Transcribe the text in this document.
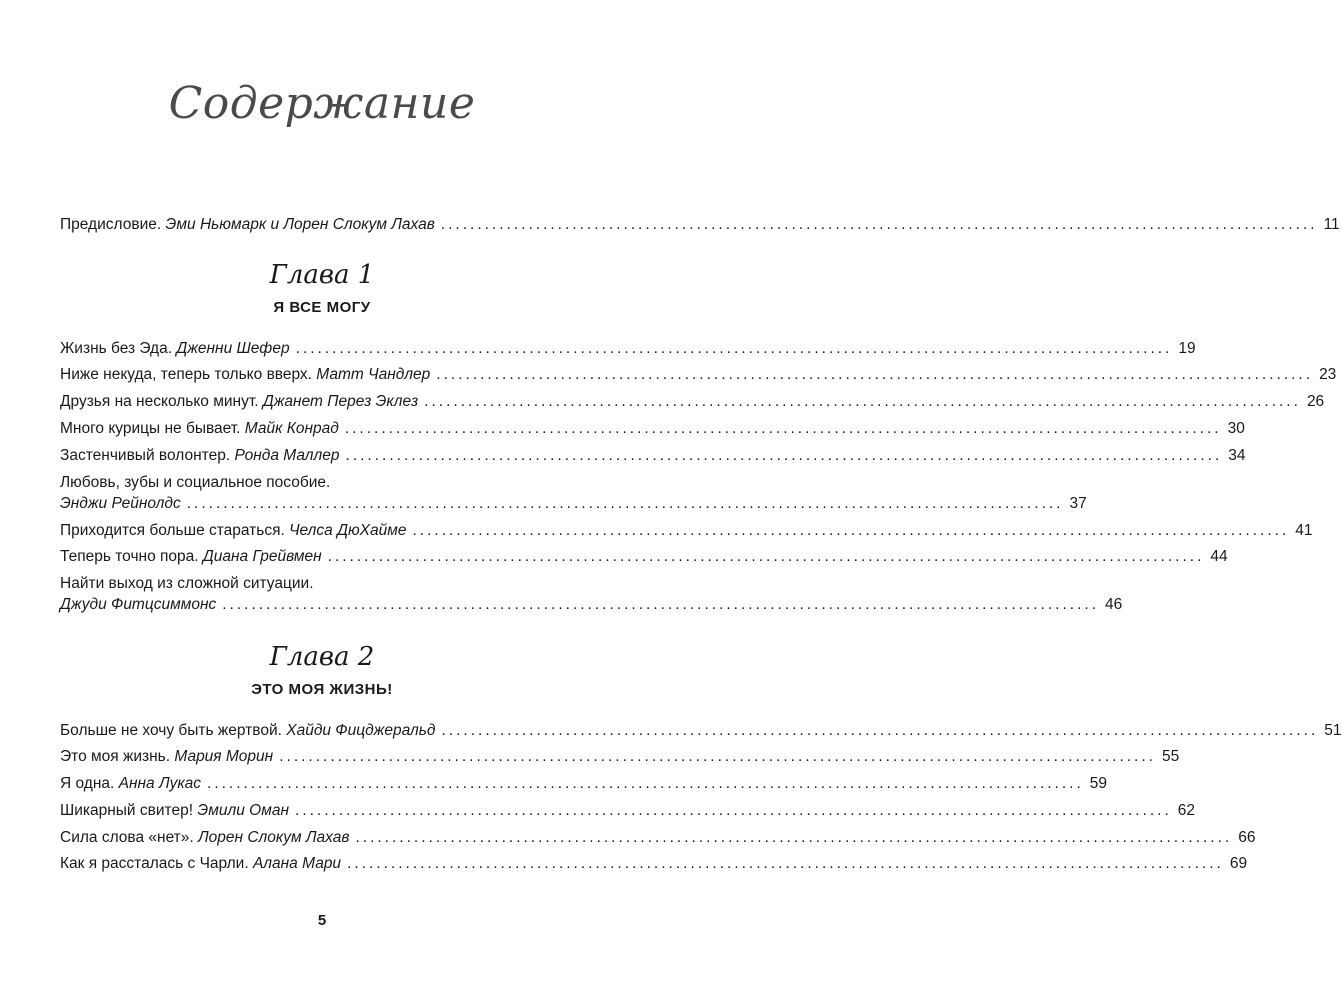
Содержание
Предисловие. Эми Ньюмарк и Лорен Слокум Лахав ........................................................................................................................ 11
Глава 1
Я ВСЕ МОГУ
Жизнь без Эда. Дженни Шефер ........................................................................................................................ 19
Ниже некуда, теперь только вверх. Матт Чандлер ........................................................................................................................ 23
Друзья на несколько минут. Джанет Перез Эклез ........................................................................................................................ 26
Много курицы не бывает. Майк Конрад ........................................................................................................................ 30
Застенчивый волонтер. Ронда Маллер ........................................................................................................................ 34
Любовь, зубы и социальное пособие.
Энджи Рейнолдс ........................................................................................................................ 37
Приходится больше стараться. Челса ДюХайме ........................................................................................................................ 41
Теперь точно пора. Диана Грейвмен ........................................................................................................................ 44
Найти выход из сложной ситуации.
Джуди Фитцсиммонс ........................................................................................................................ 46
Глава 2
ЭТО МОЯ ЖИЗНЬ!
Больше не хочу быть жертвой. Хайди Фицджеральд ........................................................................................................................ 51
Это моя жизнь. Мария Морин ........................................................................................................................ 55
Я одна. Анна Лукас ........................................................................................................................ 59
Шикарный свитер! Эмили Оман ........................................................................................................................ 62
Сила слова «нет». Лорен Слокум Лахав ........................................................................................................................ 66
Как я рассталась с Чарли. Алана Мари ........................................................................................................................ 69
5
